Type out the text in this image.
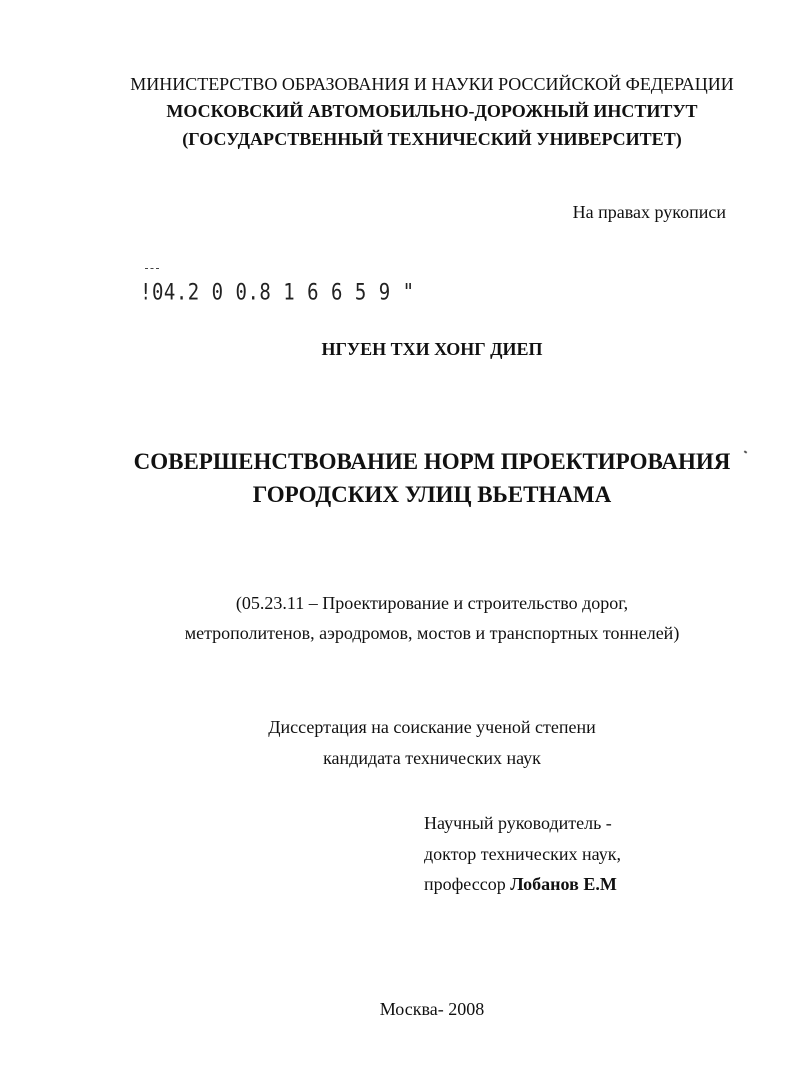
МИНИСТЕРСТВО ОБРАЗОВАНИЯ И НАУКИ РОССИЙСКОЙ ФЕДЕРАЦИИ
МОСКОВСКИЙ АВТОМОБИЛЬНО-ДОРОЖНЫЙ ИНСТИТУТ
(ГОСУДАРСТВЕННЫЙ ТЕХНИЧЕСКИЙ УНИВЕРСИТЕТ)
На правах рукописи
!04.2 0 0.8 1 6 6 5 9 "
НГУЕН ТХИ ХОНГ ДИЕП
СОВЕРШЕНСТВОВАНИЕ НОРМ ПРОЕКТИРОВАНИЯ
ГОРОДСКИХ УЛИЦ ВЬЕТНАМА
(05.23.11 – Проектирование и строительство дорог,
метрополитенов, аэродромов, мостов и транспортных тоннелей)
Диссертация на соискание ученой степени
кандидата технических наук
Научный руководитель -
доктор технических наук,
профессор Лобанов Е.М
Москва- 2008
